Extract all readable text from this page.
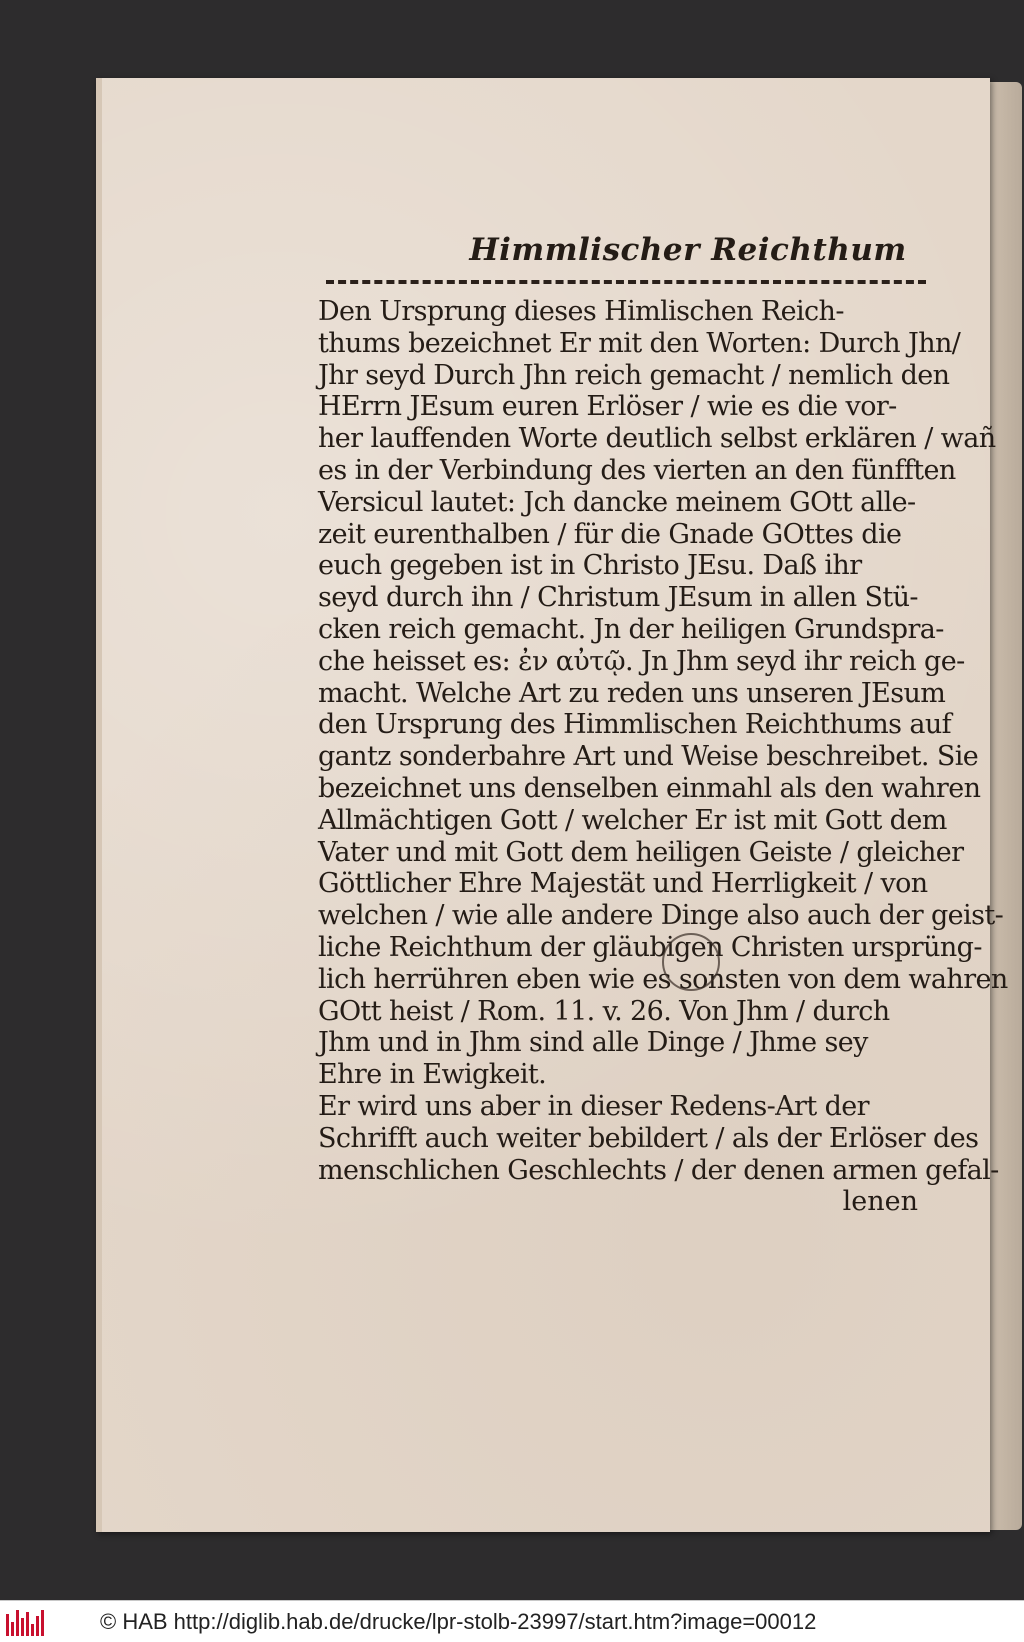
Himmlischer Reichthum
Den Ursprung dieses Himlischen Reich-
thums bezeichnet Er mit den Worten: Durch Jhn/
Jhr seyd Durch Jhn reich gemacht / nemlich den
HErrn JEsum euren Erlöser / wie es die vor-
her lauffenden Worte deutlich selbst erklären / wañ
es in der Verbindung des vierten an den fünfften
Versicul lautet: Jch dancke meinem GOtt alle-
zeit eurenthalben / für die Gnade GOttes die
euch gegeben ist in Christo JEsu. Daß ihr
seyd durch ihn / Christum JEsum in allen Stü-
cken reich gemacht. Jn der heiligen Grundspra-
che heisset es: ἐν αὐτῷ. Jn Jhm seyd ihr reich ge-
macht. Welche Art zu reden uns unseren JEsum
den Ursprung des Himmlischen Reichthums auf
gantz sonderbahre Art und Weise beschreibet. Sie
bezeichnet uns denselben einmahl als den wahren
Allmächtigen Gott / welcher Er ist mit Gott dem
Vater und mit Gott dem heiligen Geiste / gleicher
Göttlicher Ehre Majestät und Herrligkeit / von
welchen / wie alle andere Dinge also auch der geist-
liche Reichthum der gläubigen Christen ursprüng-
lich herrühren eben wie es sonsten von dem wahren
GOtt heist / Rom. 11. v. 26. Von Jhm / durch
Jhm und in Jhm sind alle Dinge / Jhme sey
Ehre in Ewigkeit.
Er wird uns aber in dieser Redens-Art der
Schrifft auch weiter bebildert / als der Erlöser des
menschlichen Geschlechts / der denen armen gefal-
lenen
© HAB http://diglib.hab.de/drucke/lpr-stolb-23997/start.htm?image=00012
